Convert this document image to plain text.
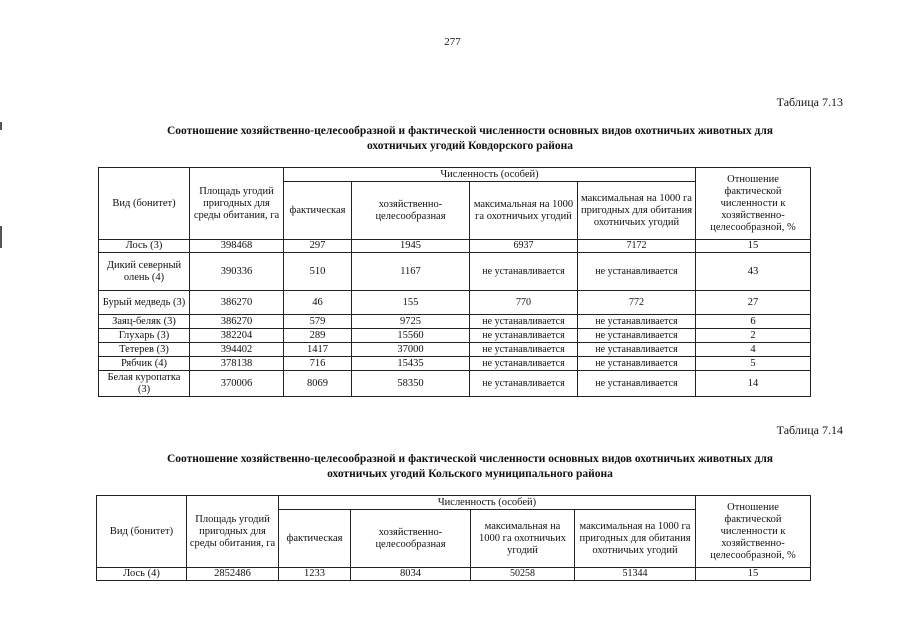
277
Таблица 7.13
Соотношение хозяйственно-целесообразной и фактической численности основных видов охотничьих животных для
охотничьих угодий Ковдорского района
Вид (бонитет)	Площадь угодий пригодных для среды обитания, га	Численность (особей)				Отношение фактической численности к хозяйственно-целесообразной, %
		фактическая	хозяйственно-целесообразная	максимальная на 1000 га охотничьих угодий	максимальная на 1000 га пригодных для обитания охотничьих угодий	
Лось (3)	398468	297	1945	6937	7172	15
Дикий северный олень (4)	390336	510	1167	не устанавливается	не устанавливается	43
Бурый медведь (3)	386270	46	155	770	772	27
Заяц-беляк (3)	386270	579	9725	не устанавливается	не устанавливается	6
Глухарь (3)	382204	289	15560	не устанавливается	не устанавливается	2
Тетерев (3)	394402	1417	37000	не устанавливается	не устанавливается	4
Рябчик (4)	378138	716	15435	не устанавливается	не устанавливается	5
Белая куропатка (3)	370006	8069	58350	не устанавливается	не устанавливается	14
Таблица 7.14
Соотношение хозяйственно-целесообразной и фактической численности основных видов охотничьих животных для
охотничьих угодий Кольского муниципального района
Вид (бонитет)	Площадь угодий пригодных для среды обитания, га	Численность (особей)				Отношение фактической численности к хозяйственно-целесообразной, %
		фактическая	хозяйственно-целесообразная	максимальная на 1000 га охотничьих угодий	максимальная на 1000 га пригодных для обитания охотничьих угодий	
Лось (4)	2852486	1233	8034	50258	51344	15
